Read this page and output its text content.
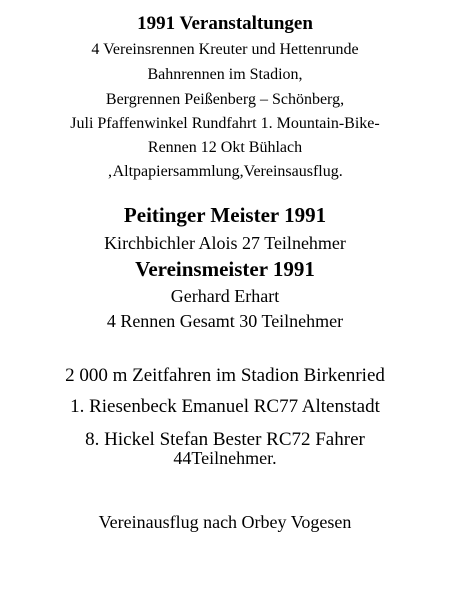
1991 Veranstaltungen
4 Vereinsrennen Kreuter und Hettenrunde
Bahnrennen im Stadion,
Bergrennen Peißenberg – Schönberg,
Juli Pfaffenwinkel Rundfahrt 1. Mountain-Bike-
Rennen 12 Okt Bühlach
‚Altpapiersammlung,Vereinsausflug.
Peitinger Meister 1991
Kirchbichler Alois 27 Teilnehmer
Vereinsmeister 1991
Gerhard Erhart
4 Rennen Gesamt 30 Teilnehmer
2 000 m Zeitfahren im Stadion Birkenried
1. Riesenbeck Emanuel RC77 Altenstadt
8. Hickel Stefan Bester RC72 Fahrer
44Teilnehmer.
Vereinausflug nach Orbey Vogesen
